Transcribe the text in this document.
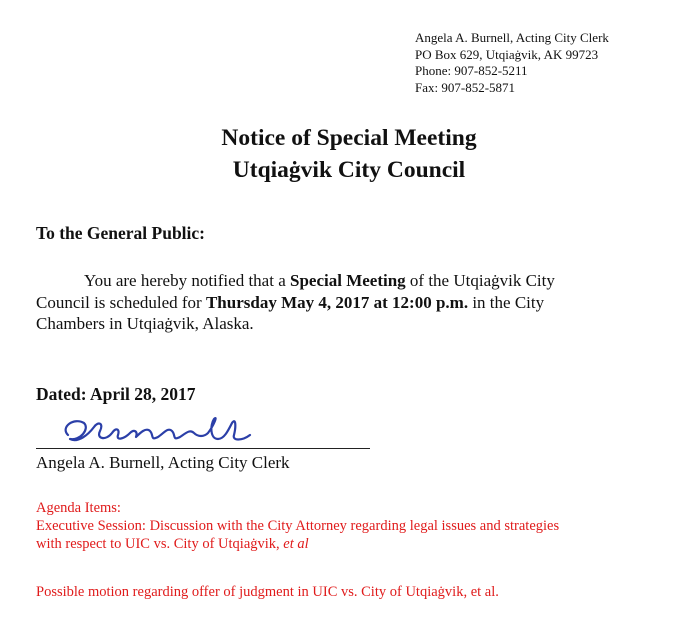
Angela A. Burnell, Acting City Clerk
PO Box 629, Utqiaġvik, AK 99723
Phone: 907-852-5211
Fax: 907-852-5871
Notice of Special Meeting
Utqiaġvik City Council
To the General Public:
You are hereby notified that a Special Meeting of the Utqiaġvik City
Council is scheduled for Thursday May 4, 2017 at 12:00 p.m. in the City
Chambers in Utqiaġvik, Alaska.
Dated: April 28, 2017
Angela A. Burnell, Acting City Clerk
Agenda Items:
Executive Session: Discussion with the City Attorney regarding legal issues and strategies
with respect to UIC vs. City of Utqiaġvik, et al
Possible motion regarding offer of judgment in UIC vs. City of Utqiaġvik, et al.
